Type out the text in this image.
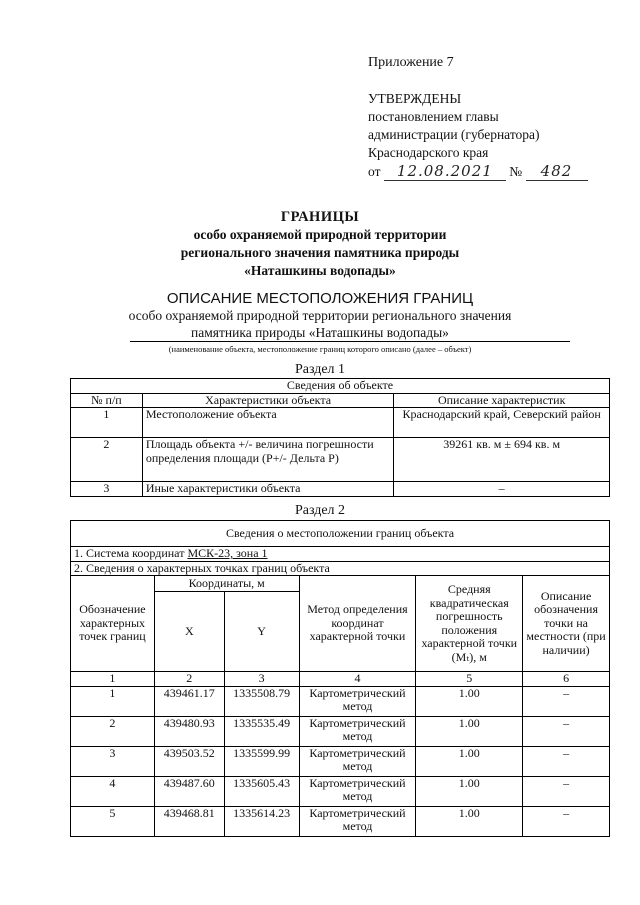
Приложение 7
УТВЕРЖДЕНЫ
постановлением главы
администрации (губернатора)
Краснодарского края
от 12.08.2021 № 482
ГРАНИЦЫ
особо охраняемой природной территории
регионального значения памятника природы
«Наташкины водопады»
ОПИСАНИЕ МЕСТОПОЛОЖЕНИЯ ГРАНИЦ
особо охраняемой природной территории регионального значения
памятника природы «Наташкины водопады»
(наименование объекта, местоположение границ которого описано (далее – объект)
Раздел 1
Сведения об объекте		
№ п/п	Характеристики объекта	Описание характеристик
1	Местоположение объекта	Краснодарский край, Северский район
2	Площадь объекта +/- величина погрешности определения площади (P+/- Дельта P)	39261 кв. м ± 694 кв. м
3	Иные характеристики объекта	–
Раздел 2
Сведения о местоположении границ объекта					
1. Система координат МСК-23, зона 1					
2. Сведения о характерных точках границ объекта					
Обозначение характерных точек границ	Координаты, м		Метод определения координат характерной точки	Средняя квадратическая погрешность положения характерной точки (Mₜ), м	Описание обозначения точки на местности (при наличии)
	X	Y			
1	2	3	4	5	6
1	439461.17	1335508.79	Картометрический метод	1.00	–
2	439480.93	1335535.49	Картометрический метод	1.00	–
3	439503.52	1335599.99	Картометрический метод	1.00	–
4	439487.60	1335605.43	Картометрический метод	1.00	–
5	439468.81	1335614.23	Картометрический метод	1.00	–
